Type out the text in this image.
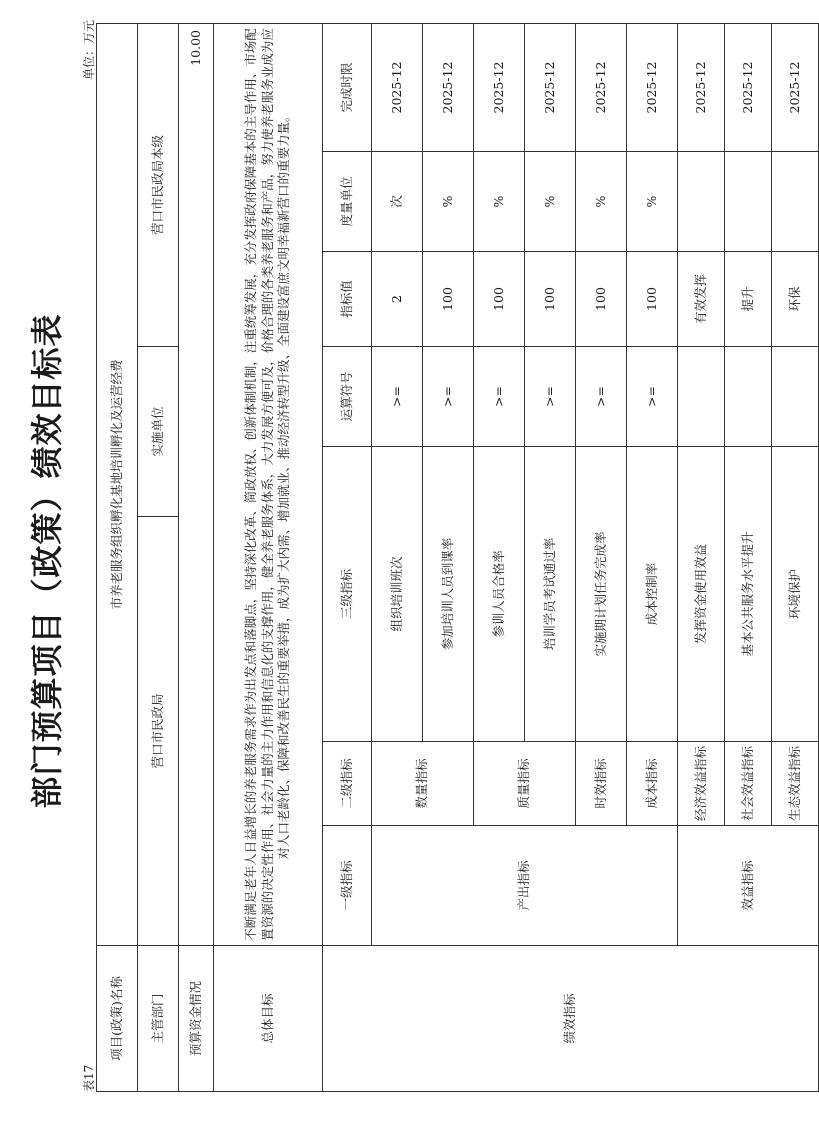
部门预算项目（政策）绩效目标表
表17
单位：万元
项目(政策)名称	市养老服务组织孵化基地培训孵化及运营经费							
主管部门	营口市民政局			实施单位		营口市民政局本级		
预算资金情况	10.00							
总体目标	不断满足老年人日益增长的养老服务需求作为出发点和落脚点，坚持深化改革、简政放权、创新体制机制，注重统筹发展，充分发挥政府保障基本的主导作用、市场配置资源的决定性作用、社会力量的主力作用和信息化的支撑作用，健全养老服务体系，大力发展方便可及，价格合理的各类养老服务和产品，努力使养老服务业成为应对人口老龄化、保障和改善民生的重要举措，成为扩大内需、增加就业、推动经济转型升级、全面建设富庶文明幸福新营口的重要力量。							
绩效指标	一级指标	二级指标	三级指标		运算符号	指标值	度量单位	完成时限
	产出指标	数量指标	组织培训班次		>=	2	次	2025-12
			参加培训人员到课率		>=	100	%	2025-12
		质量指标	参训人员合格率		>=	100	%	2025-12
			培训学员考试通过率		>=	100	%	2025-12
		时效指标	实施期计划任务完成率		>=	100	%	2025-12
		成本指标	成本控制率		>=	100	%	2025-12
	效益指标	经济效益指标	发挥资金使用效益			有效发挥		2025-12
		社会效益指标	基本公共服务水平提升			提升		2025-12
		生态效益指标	环境保护			环保		2025-12
